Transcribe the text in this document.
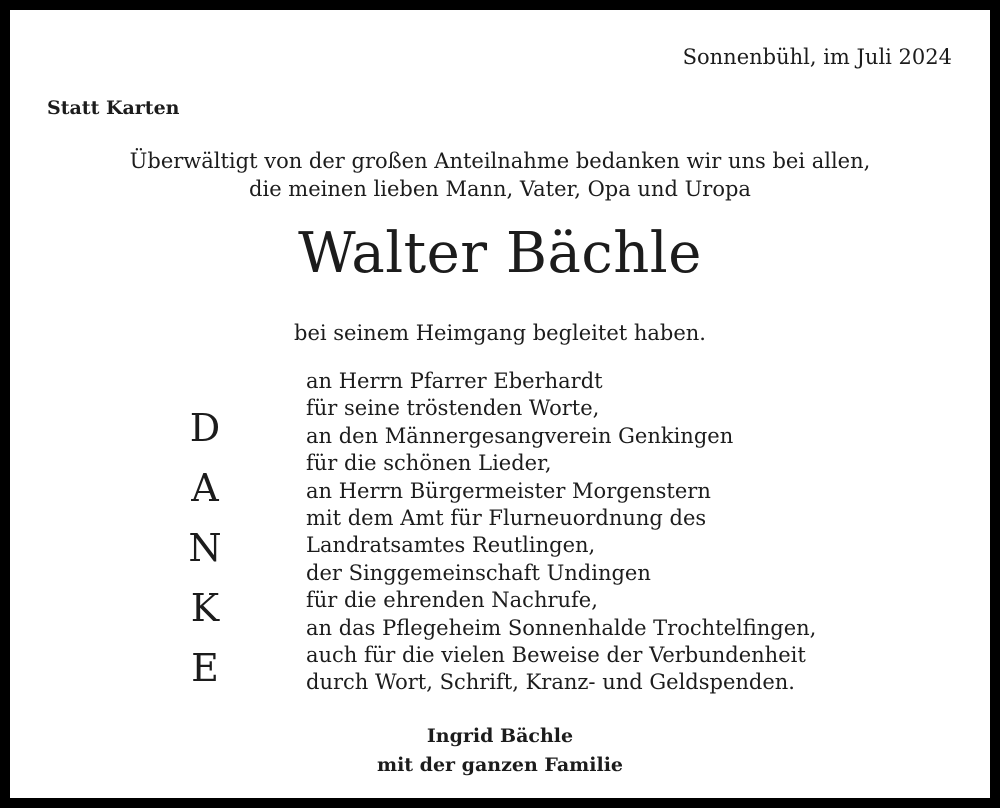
Sonnenbühl, im Juli 2024
Statt Karten
Überwältigt von der großen Anteilnahme bedanken wir uns bei allen,
die meinen lieben Mann, Vater, Opa und Uropa
Walter Bächle
bei seinem Heimgang begleitet haben.
D
A
N
K
E
an Herrn Pfarrer Eberhardt
für seine tröstenden Worte,
an den Männergesangverein Genkingen
für die schönen Lieder,
an Herrn Bürgermeister Morgenstern
mit dem Amt für Flurneuordnung des
Landratsamtes Reutlingen,
der Singgemeinschaft Undingen
für die ehrenden Nachrufe,
an das Pflegeheim Sonnenhalde Trochtelfingen,
auch für die vielen Beweise der Verbundenheit
durch Wort, Schrift, Kranz- und Geldspenden.
Ingrid Bächle
mit der ganzen Familie
